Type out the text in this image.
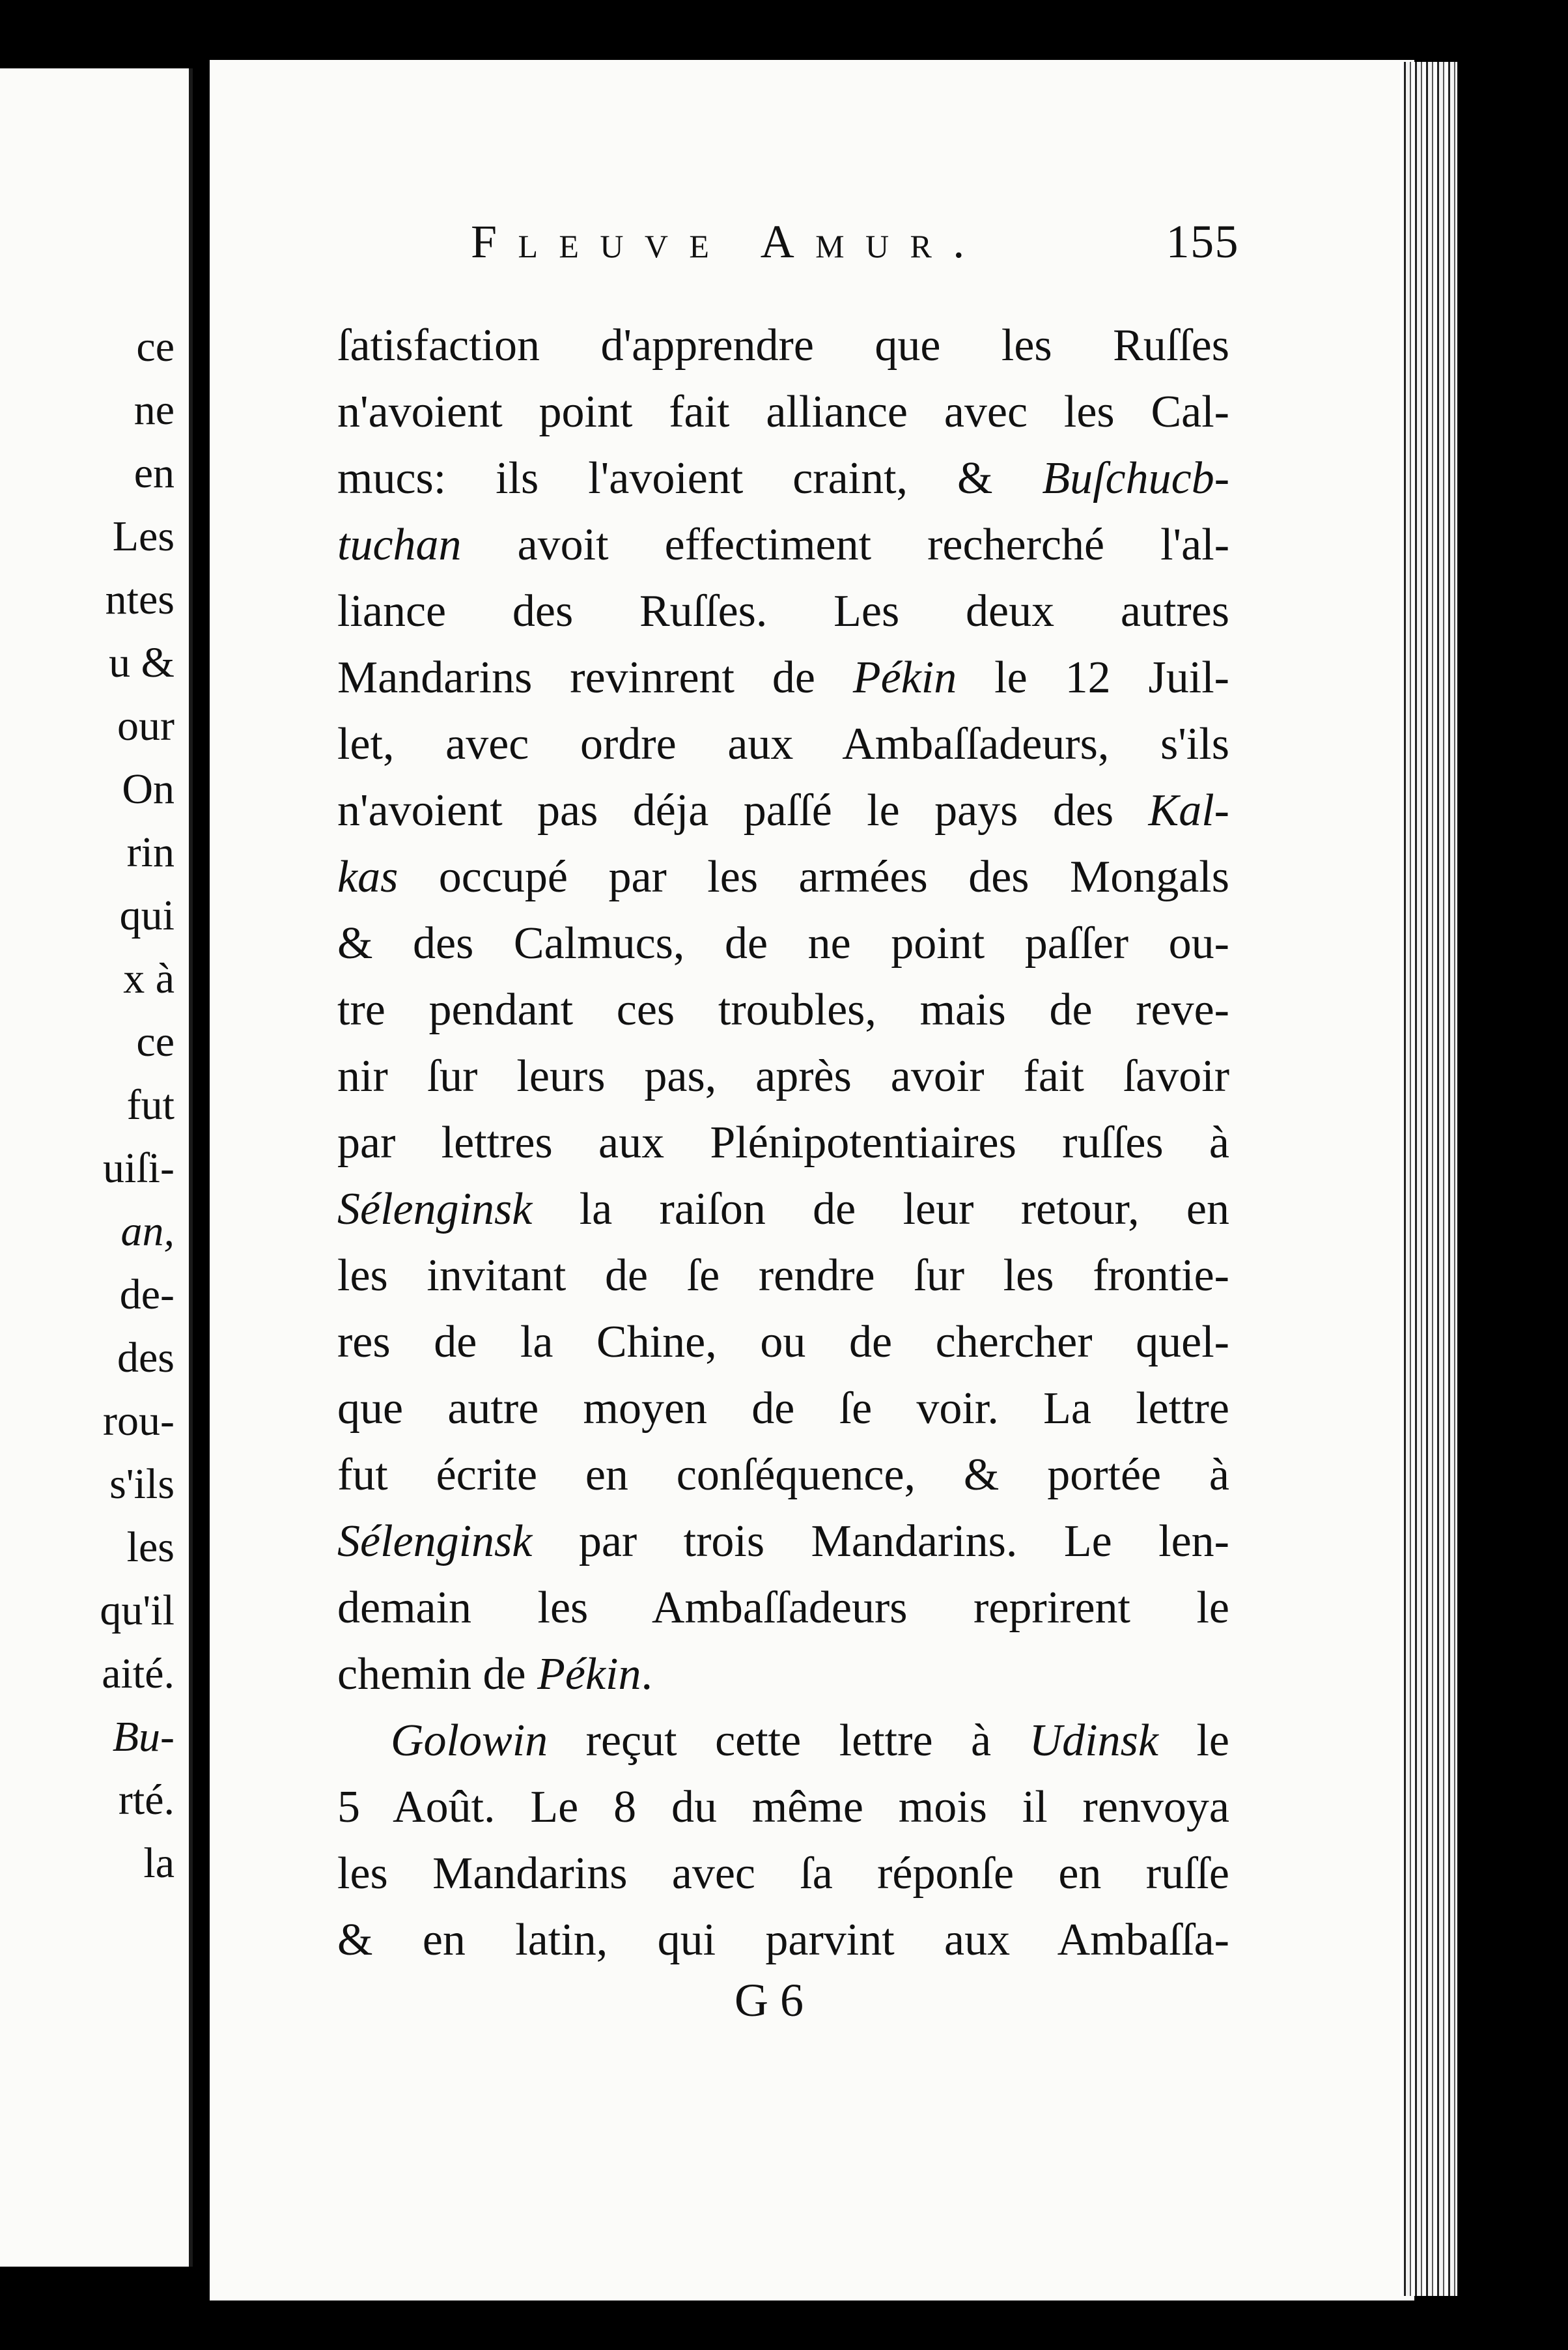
ce
ne
en
Les
ntes
u &
our
On
rin
qui
x à
ce
fut
uiſi-
an,
de-
des
rou-
s'ils
les
qu'il
aité.
Bu-
rté.
la
Fleuve Amur.	155
ſatisfaction d'apprendre que les Ruſſes
n'avoient point fait alliance avec les Cal-
mucs: ils l'avoient craint, & Buſchucb-
tuchan avoit effectiment recherché l'al-
liance des Ruſſes. Les deux autres
Mandarins revinrent de Pékin le 12 Juil-
let, avec ordre aux Ambaſſadeurs, s'ils
n'avoient pas déja paſſé le pays des Kal-
kas occupé par les armées des Mongals
& des Calmucs, de ne point paſſer ou-
tre pendant ces troubles, mais de reve-
nir ſur leurs pas, après avoir fait ſavoir
par lettres aux Plénipotentiaires ruſſes à
Sélenginsk la raiſon de leur retour, en
les invitant de ſe rendre ſur les frontie-
res de la Chine, ou de chercher quel-
que autre moyen de ſe voir. La lettre
fut écrite en conſéquence, & portée à
Sélenginsk par trois Mandarins. Le len-
demain les Ambaſſadeurs reprirent le
chemin de Pékin.
Golowin reçut cette lettre à Udinsk le
5 Août. Le 8 du même mois il renvoya
les Mandarins avec ſa réponſe en ruſſe
& en latin, qui parvint aux Ambaſſa-
G 6
